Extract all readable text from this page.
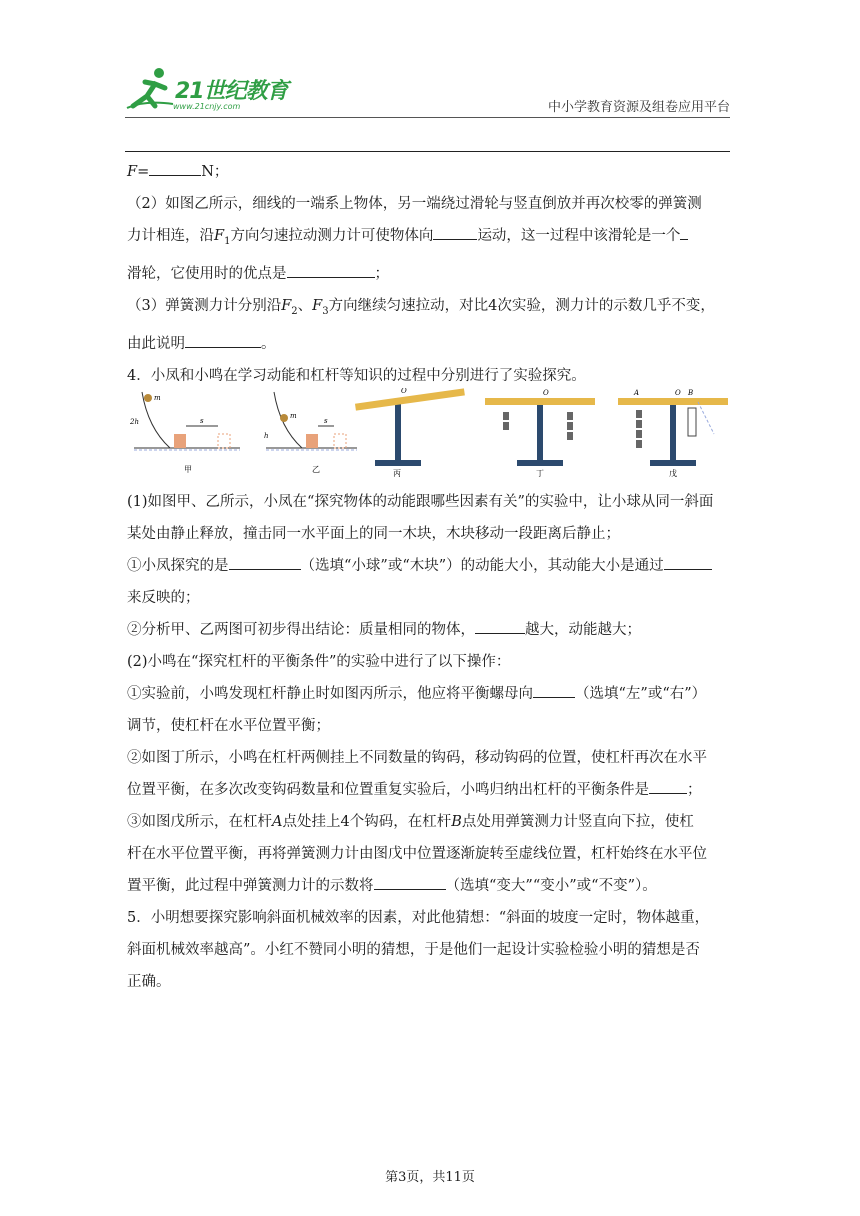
21世纪教育
www.21cnjy.com	中小学教育资源及组卷应用平台
F=	N；
（2）如图乙所示，细线的一端系上物体，另一端绕过滑轮与竖直倒放并再次校零的弹簧测
力计相连，沿$F_1$方向匀速拉动测力计可使物体向	运动，这一过程中该滑轮是一个
滑轮，它使用时的优点是	；
（3）弹簧测力计分别沿$F_2$、$F_3$方向继续匀速拉动，对比4次实验，测力计的示数几乎不变，
由此说明	。
4．小凤和小鸣在学习动能和杠杆等知识的过程中分别进行了实验探究。
(1)如图甲、乙所示，小凤在“探究物体的动能跟哪些因素有关”的实验中，让小球从同一斜面
某处由静止释放，撞击同一水平面上的同一木块，木块移动一段距离后静止；
①小凤探究的是	（选填“小球”或“木块”）的动能大小，其动能大小是通过
来反映的；
②分析甲、乙两图可初步得出结论：质量相同的物体，	越大，动能越大；
(2)小鸣在“探究杠杆的平衡条件”的实验中进行了以下操作：
①实验前，小鸣发现杠杆静止时如图丙所示，他应将平衡螺母向	（选填“左”或“右”）
调节，使杠杆在水平位置平衡；
②如图丁所示，小鸣在杠杆两侧挂上不同数量的钩码，移动钩码的位置，使杠杆再次在水平
位置平衡，在多次改变钩码数量和位置重复实验后，小鸣归纳出杠杆的平衡条件是	；
③如图戊所示，在杠杆A点处挂上4个钩码，在杠杆B点处用弹簧测力计竖直向下拉，使杠
杆在水平位置平衡，再将弹簧测力计由图戊中位置逐渐旋转至虚线位置，杠杆始终在水平位
置平衡，此过程中弹簧测力计的示数将	（选填“变大”“变小”或“不变”）。
5．小明想要探究影响斜面机械效率的因素，对此他猜想：“斜面的坡度一定时，物体越重，
斜面机械效率越高”。小红不赞同小明的猜想，于是他们一起设计实验检验小明的猜想是否
正确。
m
2h	s
甲
m
h
s
乙
O
丙
O
丁
A	O B
戊
第3页，共11页
